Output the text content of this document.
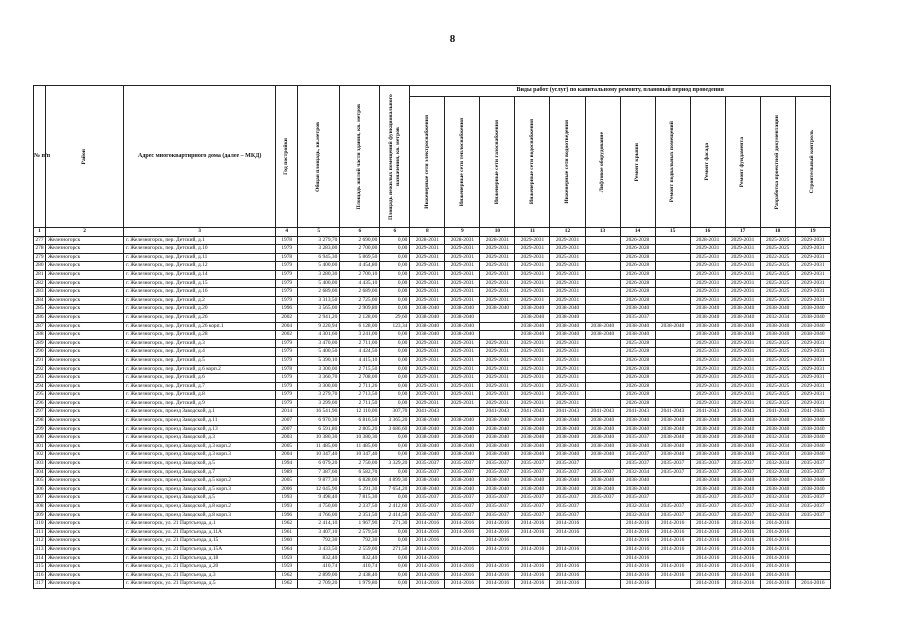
8
№ п/п	Район	Адрес многоквартирного дома (далее – МКД)	Год постройки	Общая площадь, кв.метров	Площадь жилой части здания, кв. метров	Площадь нежилых помещений функционального назначения, кв. метров	Виды работ (услуг) по капитальному ремонту, плановый период проведения											

							Инженерные сети электроснабжения	Инженерные сети теплоснабжения	Инженерные сети газоснабжения	Инженерные сети водоснабжения	Инженерные сети водоотведения	Лифтовое оборудование	Ремонт крыши	Ремонт подвальных помещений	Ремонт фасада	Ремонт фундамента	Разработка проектной документации	Строительный контроль

1	2	3	4	5	6	6	8	9	10	11	12	13	14	15	16	17	18	19
277	Железногорск	г. Железногорск, пер. Детский, д.1	1978	3 279,70	2 690,00	0,00	2028-2031	2028-2031	2028-2031	2029-2031	2029-2031		2026-2028		2028-2031	2029-2031	2025-2025	2029-2031
278	Железногорск	г. Железногорск, пер. Детский, д.10	1979	3 283,00	2 700,00	0,00	2029-2031	2029-2031	2029-2031	2029-2031	2029-2031		2026-2028		2029-2031	2029-2031	2025-2025	2029-2031
279	Железногорск	г. Железногорск, пер. Детский, д.11	1978	6 945,30	5 869,50	0,00	2029-2031	2029-2031	2029-2031	2029-2031	2025-2031		2026-2028		2025-2031	2029-2031	2022-2025	2029-2031
280	Железногорск	г. Железногорск, пер. Детский, д.12	1979	5 400,00	4 454,80	0,00	2029-2031	2029-2031	2029-2031	2029-2031	2029-2031		2026-2028		2029-2031	2029-2031	2025-2025	2029-2031
281	Железногорск	г. Железногорск, пер. Детский, д.14	1979	3 280,30	2 700,10	0,00	2029-2031	2029-2031	2029-2031	2029-2031	2029-2031		2026-2028		2029-2031	2029-2031	2025-2025	2029-2031
282	Железногорск	г. Железногорск, пер. Детский, д.15	1979	5 400,00	4 435,10	0,00	2029-2031	2029-2031	2029-2031	2029-2031	2029-2031		2026-2028		2029-2031	2029-2031	2025-2025	2029-2031
283	Железногорск	г. Железногорск, пер. Детский, д.16	1979	2 689,00	2 689,00	0,00	2029-2031	2029-2031	2029-2031	2029-2031	2029-2031		2026-2028		2029-2031	2029-2031	2025-2025	2029-2031
284	Железногорск	г. Железногорск, пер. Детский, д.2	1979	3 313,50	2 725,00	0,00	2029-2031	2029-2031	2029-2031	2029-2031	2029-2031		2026-2028		2029-2031	2029-2031	2025-2025	2029-2031
285	Железногорск	г. Железногорск, пер. Детский, д.20	1996	3 565,00	2 909,80	0,00	2038-2040	2038-2040	2038-2040	2038-2040	2038-2040		2038-2040		2038-2040	2038-2040	2038-2040	2038-2040
286	Железногорск	г. Железногорск, пер. Детский, д.26	2002	2 941,20	2 128,00	29,60	2038-2040	2038-2040		2038-2040	2038-2040		2035-2037		2038-2040	2038-2040	2032-2034	2038-2040
287	Железногорск	г. Железногорск, пер. Детский, д.26 корп.1	2004	9 220,94	6 128,00	123,34	2038-2040	2038-2040		2038-2040	2038-2040	2038-2040	2038-2040	2038-2040	2038-2040	2038-2040	2038-2040	2038-2040
288	Железногорск	г. Железногорск, пер. Детский, д.28	2002	4 301,60	3 241,00	0,00	2038-2040	2038-2040		2038-2040	2038-2040	2038-2040	2038-2040		2038-2040	2038-2040	2038-2040	2038-2040
289	Железногорск	г. Железногорск, пер. Детский, д.3	1979	3 470,00	2 711,00	0,00	2029-2031	2029-2031	2029-2031	2029-2031	2029-2031		2025-2028		2029-2031	2029-2031	2025-2025	2029-2031
290	Железногорск	г. Железногорск, пер. Детский, д.4	1979	5 400,50	4 424,50	0,00	2029-2031	2029-2031	2029-2031	2029-2031	2029-2031		2025-2028		2025-2031	2029-2031	2025-2025	2029-2031
291	Железногорск	г. Железногорск, пер. Детский, д.5	1979	5 390,10	4 415,10	0,00	2029-2031	2029-2031	2029-2031	2029-2031	2029-2031		2026-2028		2029-2031	2029-2031	2025-2025	2029-2031
292	Железногорск	г. Железногорск, пер. Детский, д.6 корп.2	1978	3 300,00	2 715,50	0,00	2029-2031	2029-2031	2029-2031	2029-2031	2029-2031		2026-2028		2029-2031	2029-2031	2025-2025	2029-2031
293	Железногорск	г. Железногорск, пер. Детский, д.6	1979	3 360,70	2 708,00	0,00	2029-2031	2029-2031	2029-2031	2029-2031	2029-2031		2026-2028		2029-2031	2029-2031	2025-2025	2029-2031
294	Железногорск	г. Железногорск, пер. Детский, д.7	1979	3 300,00	2 711,26	0,00	2029-2031	2029-2031	2029-2031	2029-2031	2029-2031		2026-2028		2029-2031	2029-2031	2025-2025	2029-2031
295	Железногорск	г. Железногорск, пер. Детский, д.8	1979	3 279,70	2 713,50	0,00	2029-2031	2029-2031	2029-2031	2029-2031	2029-2031		2026-2028		2029-2031	2029-2031	2025-2025	2029-2031
296	Железногорск	г. Железногорск, пер. Детский, д.9	1979	3 299,00	2 711,50	0,00	2029-2031	2029-2031	2029-2031	2029-2031	2029-2031		2026-2028		2029-2031	2029-2031	2025-2025	2029-2031
297	Железногорск	г. Железногорск, проезд Заводской, д.1	2014	16 541,90	12 110,00	307,70	2041-2043		2041-2043	2041-2043	2041-2043	2041-2043	2041-2043	2041-2043	2041-2043	2041-2043	2041-2043	2041-2043
298	Железногорск	г. Железногорск, проезд Заводской, д.11	2007	6 970,30	6 816,50	3 365,20	2038-2040	2038-2040	2038-2040	2038-2040	2038-2040	2038-2040	2038-2040	2038-2040	2038-2040	2038-2040	2038-2040	2038-2040
299	Железногорск	г. Железногорск, проезд Заводской, д.13	2007	6 591,80	2 805,20	3 686,60	2038-2040	2038-2040	2038-2040	2038-2040	2038-2040	2038-2040	2038-2040	2038-2040	2038-2040	2038-2040	2038-2040	2038-2040
300	Железногорск	г. Железногорск, проезд Заводской, д.3	2003	10 380,30	10 380,30	0,00	2038-2040	2038-2040	2038-2040	2038-2040	2038-2040	2038-2040	2035-2037	2038-2040	2038-2040	2038-2040	2032-2034	2038-2040
301	Железногорск	г. Железногорск, проезд Заводской, д.3 корп.2	2005	11 485,00	11 485,00	0,00	2038-2040	2038-2040	2038-2040	2038-2040	2038-2040	2038-2040	2038-2040	2038-2040	2038-2040	2038-2040	2032-2034	2038-2040
302	Железногорск	г. Железногорск, проезд Заводской, д.3 корп.3	2004	10 347,40	10 347,40	0,00	2038-2040	2038-2040	2038-2040	2038-2040	2038-2040	2038-2040	2035-2037	2038-2040	2038-2040	2038-2040	2032-2034	2038-2040
303	Железногорск	г. Железногорск, проезд Заводской, д.5	1994	6 079,20	2 750,00	3 329,20	2035-2037	2035-2037	2035-2037	2035-2037	2035-2037		2035-2037	2035-2037	2035-2037	2035-2037	2032-2034	2035-2037
304	Железногорск	г. Железногорск, проезд Заводской, д.7	1989	7 387,60	6 582,70	0,00	2035-2037	2035-2037	2035-2037	2035-2037	2035-2037	2035-2037	2032-2034	2035-2037	2035-2037	2035-2037	2032-2034	2035-2037
305	Железногорск	г. Железногорск, проезд Заводской, д.5 корп.2	2005	9 877,30	6 828,00	4 899,30	2038-2040	2038-2040	2038-2040	2038-2040	2038-2040	2038-2040	2038-2040		2038-2040	2038-2040	2038-2040	2038-2040
306	Железногорск	г. Железногорск, проезд Заводской, д.5 корп.3	2006	12 045,90	5 291,30	7 654,20	2038-2040	2038-2040	2038-2040	2038-2040	2038-2040	2038-2040	2038-2040		2038-2040	2038-2040	2038-2040	2038-2040
307	Железногорск	г. Железногорск, проезд Заводской, д.5	1993	9 498,40	7 815,30	0,00	2035-2037	2035-2037	2035-2037	2035-2037	2035-2037	2035-2037	2035-2037		2035-2037	2035-2037	2032-2034	2035-2037
308	Железногорск	г. Железногорск, проезд Заводской, д.8 корп.2	1993	4 750,00	2 337,50	2 412,60	2035-2037	2035-2037	2035-2037	2035-2037	2035-2037		2032-2034	2035-2037	2035-2037	2035-2037	2032-2034	2035-2037
309	Железногорск	г. Железногорск, проезд Заводской, д.8 корп.3	1996	4 766,00	2 351,50	2 414,50	2035-2037	2035-2037	2035-2037	2035-2037	2035-2037		2032-2034	2035-2037	2035-2037	2035-2037	2032-2034	2035-2037
310	Железногорск	г. Железногорск, ул. 21 Партсъезда, д.1	1962	2 414,10	1 967,90	271,30	2014-2016	2014-2016	2014-2016	2014-2016	2014-2016		2014-2016	2014-2016	2014-2016	2014-2016	2014-2016	
311	Железногорск	г. Железногорск, ул. 21 Партсъезда, д.11А	1961	3 407,10	2 579,50	0,00	2014-2016	2014-2016	2014-2016	2014-2016	2014-2016		2014-2016	2014-2016	2014-2016	2014-2016	2014-2016	
312	Железногорск	г. Железногорск, ул. 21 Партсъезда, д.15	1960	792,30	792,30	0,00	2014-2016		2014-2016				2014-2016	2014-2016	2014-2016	2014-2016	2014-2016	
313	Железногорск	г. Железногорск, ул. 21 Партсъезда, д.15А	1964	3 433,50	2 559,00	271,50	2014-2016	2014-2016	2014-2016	2014-2016	2014-2016		2014-2016	2014-2016	2014-2016	2014-2016	2014-2016	
314	Железногорск	г. Железногорск, ул. 21 Партсъезда, д.18	1959	832,40	832,40	0,00	2014-2016						2014-2016		2014-2016	2014-2016	2014-2016	
315	Железногорск	г. Железногорск, ул. 21 Партсъезда, д.20	1959	410,74	410,74	0,00	2014-2016	2014-2016	2014-2016	2014-2016	2014-2016		2014-2016	2014-2016	2014-2016	2014-2016	2014-2016	
316	Железногорск	г. Железногорск, ул. 21 Партсъезда, д.3	1962	2 899,00	2 438,40	0,00	2014-2016	2014-2016	2014-2016	2014-2016	2014-2016		2014-2016	2014-2016	2014-2016	2014-2016	2014-2016	
317	Железногорск	г. Железногорск, ул. 21 Партсъезда, д.5	1962	2 709,20	1 979,80	0,00	2014-2016	2014-2016	2014-2016	2014-2016	2014-2016		2014-2016		2014-2016	2014-2016	2014-2016	2014-2016
